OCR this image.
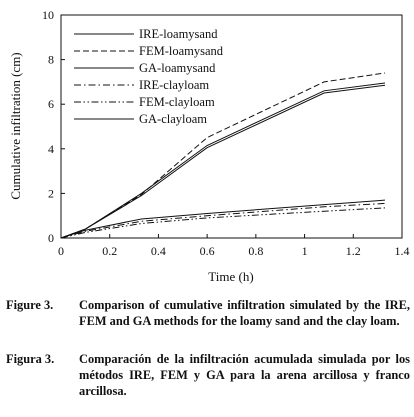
0	0.2	0.4	0.6	0.8	1	1.2	1.4
0
2
4
6
8
10
IRE-loamysand
FEM-loamysand
GA-loamysand
IRE-clayloam
FEM-clayloam
GA-clayloam
Time (h)
Cumulative infiltration (cm)
Figure 3. Comparison of cumulative infiltration simulated by the IRE, FEM and GA methods for the loamy sand and the clay loam.
Figura 3. Comparación de la infiltración acumulada simulada por los métodos IRE, FEM y GA para la arena arcillosa y franco arcillosa.
